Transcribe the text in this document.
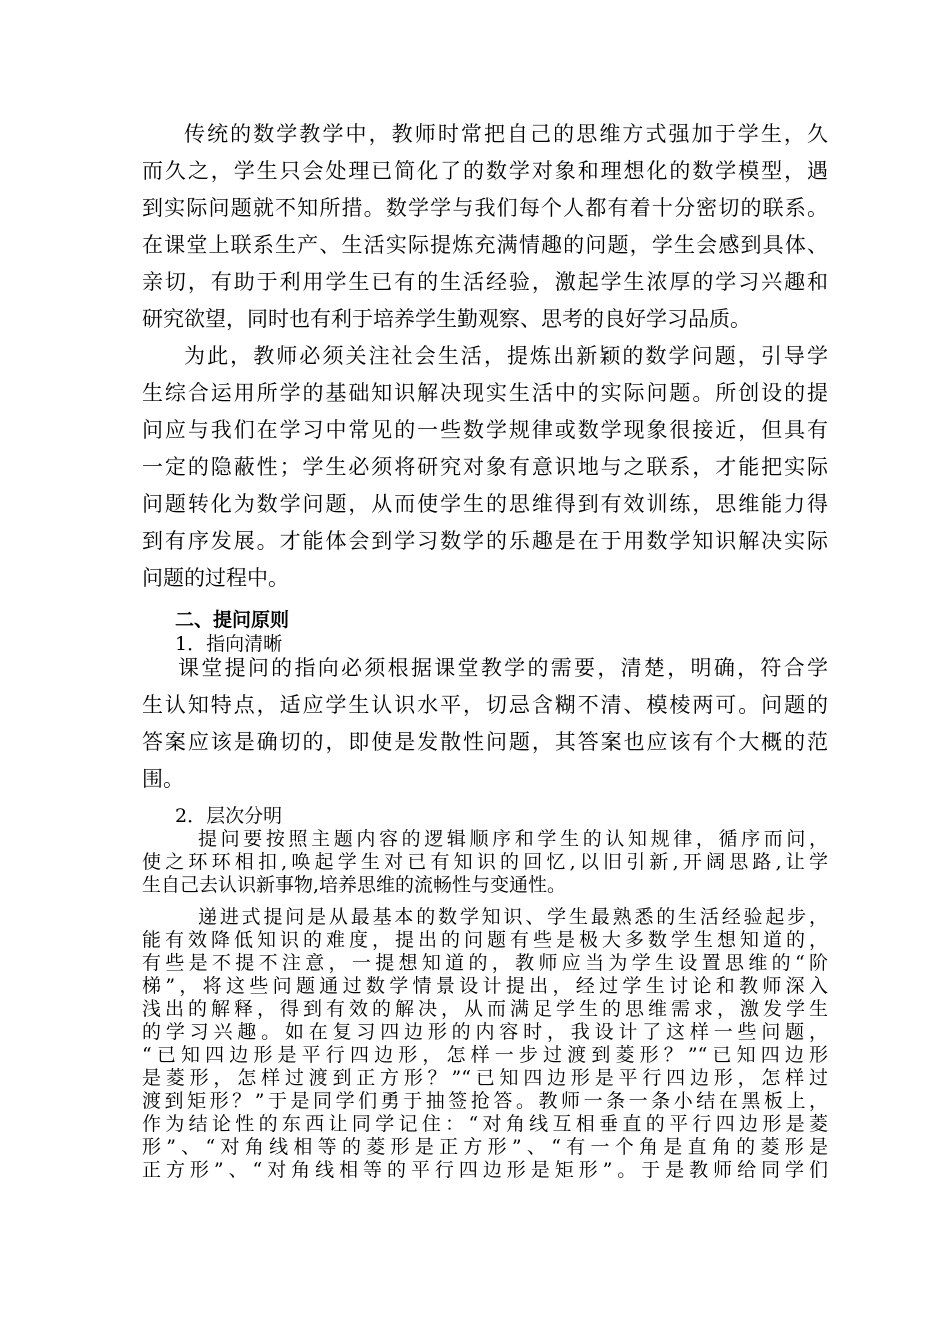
传统的数学教学中，教师时常把自己的思维方式强加于学生，久
而久之，学生只会处理已简化了的数学对象和理想化的数学模型，遇
到实际问题就不知所措。数学学与我们每个人都有着十分密切的联系。
在课堂上联系生产、生活实际提炼充满情趣的问题，学生会感到具体、
亲切，有助于利用学生已有的生活经验，激起学生浓厚的学习兴趣和
研究欲望，同时也有利于培养学生勤观察、思考的良好学习品质。
为此，教师必须关注社会生活，提炼出新颖的数学问题，引导学
生综合运用所学的基础知识解决现实生活中的实际问题。所创设的提
问应与我们在学习中常见的一些数学规律或数学现象很接近，但具有
一定的隐蔽性；学生必须将研究对象有意识地与之联系，才能把实际
问题转化为数学问题，从而使学生的思维得到有效训练，思维能力得
到有序发展。才能体会到学习数学的乐趣是在于用数学知识解决实际
问题的过程中。
二、提问原则
1．指向清晰
课堂提问的指向必须根据课堂教学的需要，清楚，明确，符合学
生认知特点，适应学生认识水平，切忌含糊不清、模棱两可。问题的
答案应该是确切的，即使是发散性问题，其答案也应该有个大概的范
围。
2．层次分明
提问要按照主题内容的逻辑顺序和学生的认知规律，循序而问，
使之环环相扣,唤起学生对已有知识的回忆,以旧引新,开阔思路,让学
生自己去认识新事物,培养思维的流畅性与变通性。
递进式提问是从最基本的数学知识、学生最熟悉的生活经验起步，
能有效降低知识的难度，提出的问题有些是极大多数学生想知道的，
有些是不提不注意，一提想知道的，教师应当为学生设置思维的“阶
梯”，将这些问题通过数学情景设计提出，经过学生讨论和教师深入
浅出的解释，得到有效的解决，从而满足学生的思维需求，激发学生
的学习兴趣。如在复习四边形的内容时，我设计了这样一些问题，
“已知四边形是平行四边形，怎样一步过渡到菱形？”“已知四边形
是菱形，怎样过渡到正方形？”“已知四边形是平行四边形，怎样过
渡到矩形？”于是同学们勇于抽签抢答。教师一条一条小结在黑板上，
作为结论性的东西让同学记住：“对角线互相垂直的平行四边形是菱
形”、“对角线相等的菱形是正方形”、“有一个角是直角的菱形是
正方形”、“对角线相等的平行四边形是矩形”。于是教师给同学们
